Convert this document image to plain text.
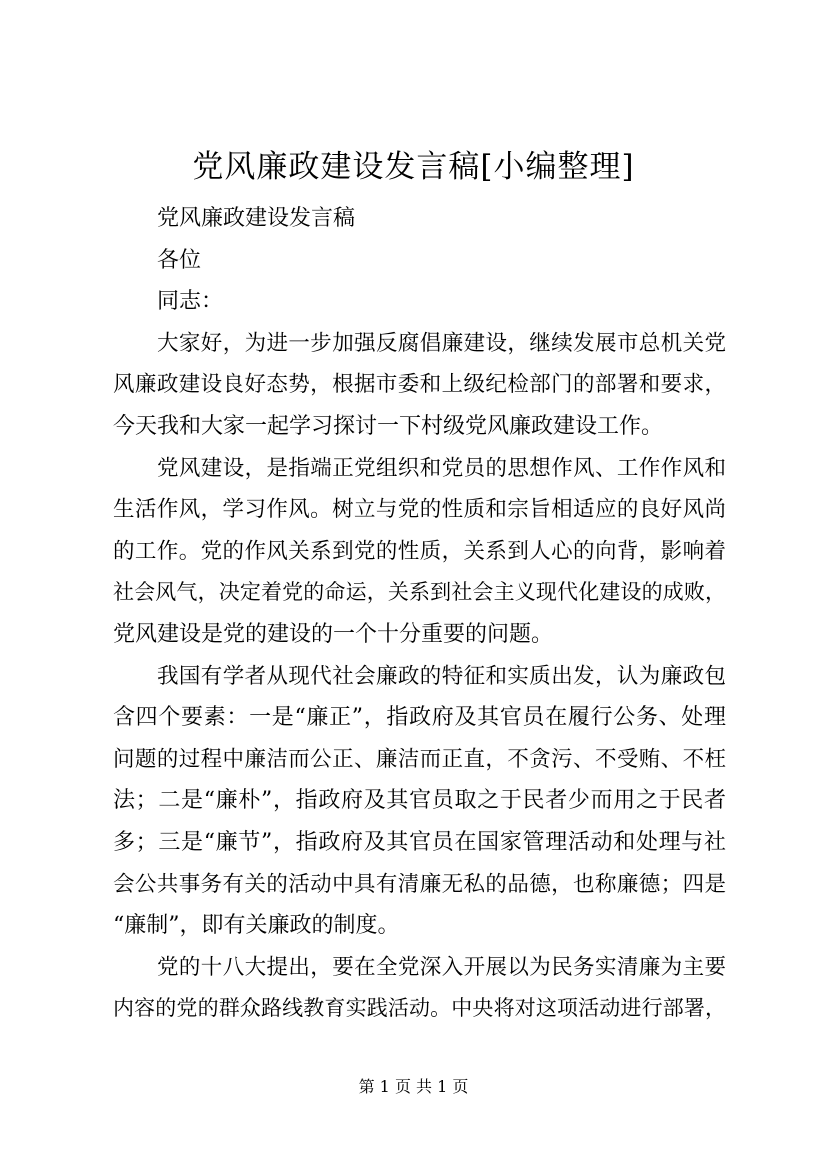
党风廉政建设发言稿[小编整理]
党风廉政建设发言稿
各位
同志：
大家好，为进一步加强反腐倡廉建设，继续发展市总机关党
风廉政建设良好态势，根据市委和上级纪检部门的部署和要求，
今天我和大家一起学习探讨一下村级党风廉政建设工作。
党风建设，是指端正党组织和党员的思想作风、工作作风和
生活作风，学习作风。树立与党的性质和宗旨相适应的良好风尚
的工作。党的作风关系到党的性质，关系到人心的向背，影响着
社会风气，决定着党的命运，关系到社会主义现代化建设的成败，
党风建设是党的建设的一个十分重要的问题。
我国有学者从现代社会廉政的特征和实质出发，认为廉政包
含四个要素：一是“廉正”，指政府及其官员在履行公务、处理
问题的过程中廉洁而公正、廉洁而正直，不贪污、不受贿、不枉
法；二是“廉朴”，指政府及其官员取之于民者少而用之于民者
多；三是“廉节”，指政府及其官员在国家管理活动和处理与社
会公共事务有关的活动中具有清廉无私的品德，也称廉德；四是
“廉制”，即有关廉政的制度。
党的十八大提出，要在全党深入开展以为民务实清廉为主要
内容的党的群众路线教育实践活动。中央将对这项活动进行部署，
第 1 页 共 1 页
